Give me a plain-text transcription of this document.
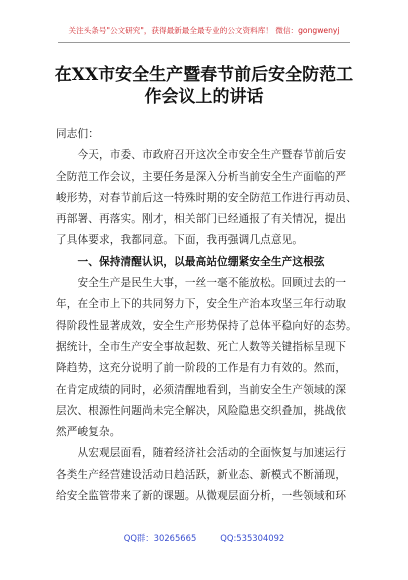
关注头条号"公文研究"，获得最新最全最专业的公文资料库！ 微信：gongwenyj
在XX市安全生产暨春节前后安全防范工
作会议上的讲话
同志们：
　　今天，市委、市政府召开这次全市安全生产暨春节前后安
全防范工作会议，主要任务是深入分析当前安全生产面临的严
峻形势，对春节前后这一特殊时期的安全防范工作进行再动员、
再部署、再落实。刚才，相关部门已经通报了有关情况，提出
了具体要求，我都同意。下面，我再强调几点意见。
　　一、保持清醒认识，以最高站位绷紧安全生产这根弦
　　安全生产是民生大事，一丝一毫不能放松。回顾过去的一
年，在全市上下的共同努力下，安全生产治本攻坚三年行动取
得阶段性显著成效，安全生产形势保持了总体平稳向好的态势。
据统计，全市生产安全事故起数、死亡人数等关键指标呈现下
降趋势，这充分说明了前一阶段的工作是有力有效的。然而，
在肯定成绩的同时，必须清醒地看到，当前安全生产领域的深
层次、根源性问题尚未完全解决，风险隐患交织叠加，挑战依
然严峻复杂。
　　从宏观层面看，随着经济社会活动的全面恢复与加速运行
各类生产经营建设活动日趋活跃，新业态、新模式不断涌现，
给安全监管带来了新的课题。从微观层面分析，一些领域和环
QQ群：30265665	QQ:535304092
